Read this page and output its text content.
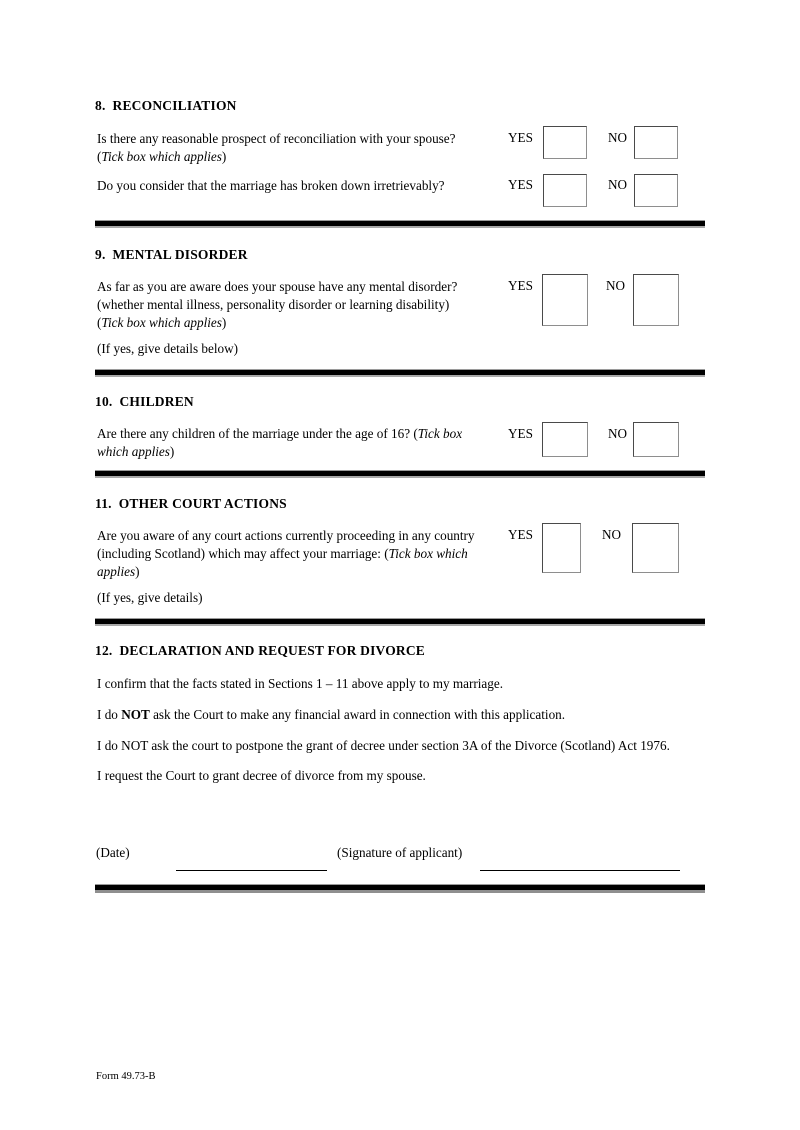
8. RECONCILIATION
Is there any reasonable prospect of reconciliation with your spouse?
(Tick box which applies)
YES	NO
Do you consider that the marriage has broken down irretrievably?	YES	NO
9. MENTAL DISORDER
As far as you are aware does your spouse have any mental disorder?
(whether mental illness, personality disorder or learning disability)
(Tick box which applies)
YES	NO
(If yes, give details below)
10. CHILDREN
Are there any children of the marriage under the age of 16? (Tick box which applies)
YES	NO
11. OTHER COURT ACTIONS
Are you aware of any court actions currently proceeding in any country (including Scotland) which may affect your marriage: (Tick box which applies)
YES	NO
(If yes, give details)
12. DECLARATION AND REQUEST FOR DIVORCE
I confirm that the facts stated in Sections 1 – 11 above apply to my marriage.
I do NOT ask the Court to make any financial award in connection with this application.
I do NOT ask the court to postpone the grant of decree under section 3A of the Divorce (Scotland) Act 1976.
I request the Court to grant decree of divorce from my spouse.
(Date)	(Signature of applicant)
Form 49.73-B
